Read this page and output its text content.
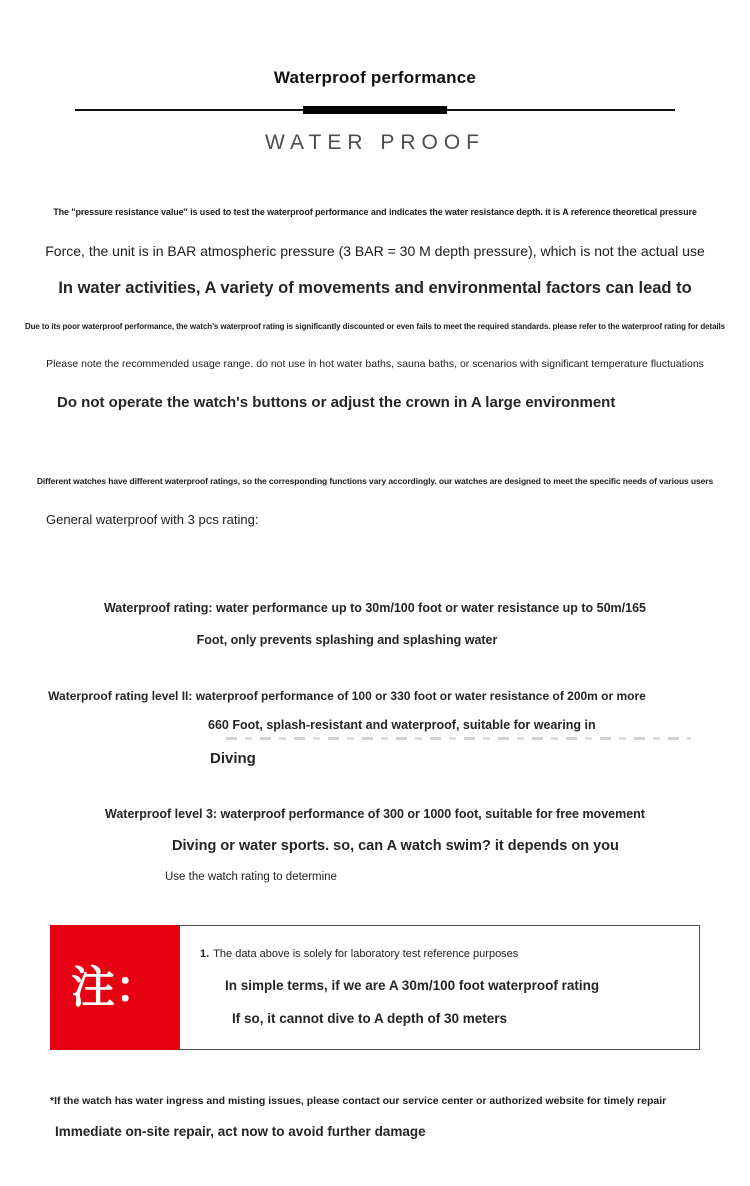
Waterproof performance
WATER PROOF
The "pressure resistance value" is used to test the waterproof performance and indicates the water resistance depth. it is A reference theoretical pressure
Force, the unit is in BAR atmospheric pressure (3 BAR = 30 M depth pressure), which is not the actual use
In water activities, A variety of movements and environmental factors can lead to
Due to its poor waterproof performance, the watch's waterproof rating is significantly discounted or even fails to meet the required standards. please refer to the waterproof rating for details
Please note the recommended usage range. do not use in hot water baths, sauna baths, or scenarios with significant temperature fluctuations
Do not operate the watch's buttons or adjust the crown in A large environment
Different watches have different waterproof ratings, so the corresponding functions vary accordingly. our watches are designed to meet the specific needs of various users
General waterproof with 3 pcs rating:
Waterproof rating: water performance up to 30m/100 foot or water resistance up to 50m/165
Foot, only prevents splashing and splashing water
Waterproof rating level II: waterproof performance of 100 or 330 foot or water resistance of 200m or more
660 Foot, splash-resistant and waterproof, suitable for wearing in
Diving
Waterproof level 3: waterproof performance of 300 or 1000 foot, suitable for free movement
Diving or water sports. so, can A watch swim? it depends on you
Use the watch rating to determine
注：
1. The data above is solely for laboratory test reference purposes
In simple terms, if we are A 30m/100 foot waterproof rating
If so, it cannot dive to A depth of 30 meters
*If the watch has water ingress and misting issues, please contact our service center or authorized website for timely repair
Immediate on-site repair, act now to avoid further damage
